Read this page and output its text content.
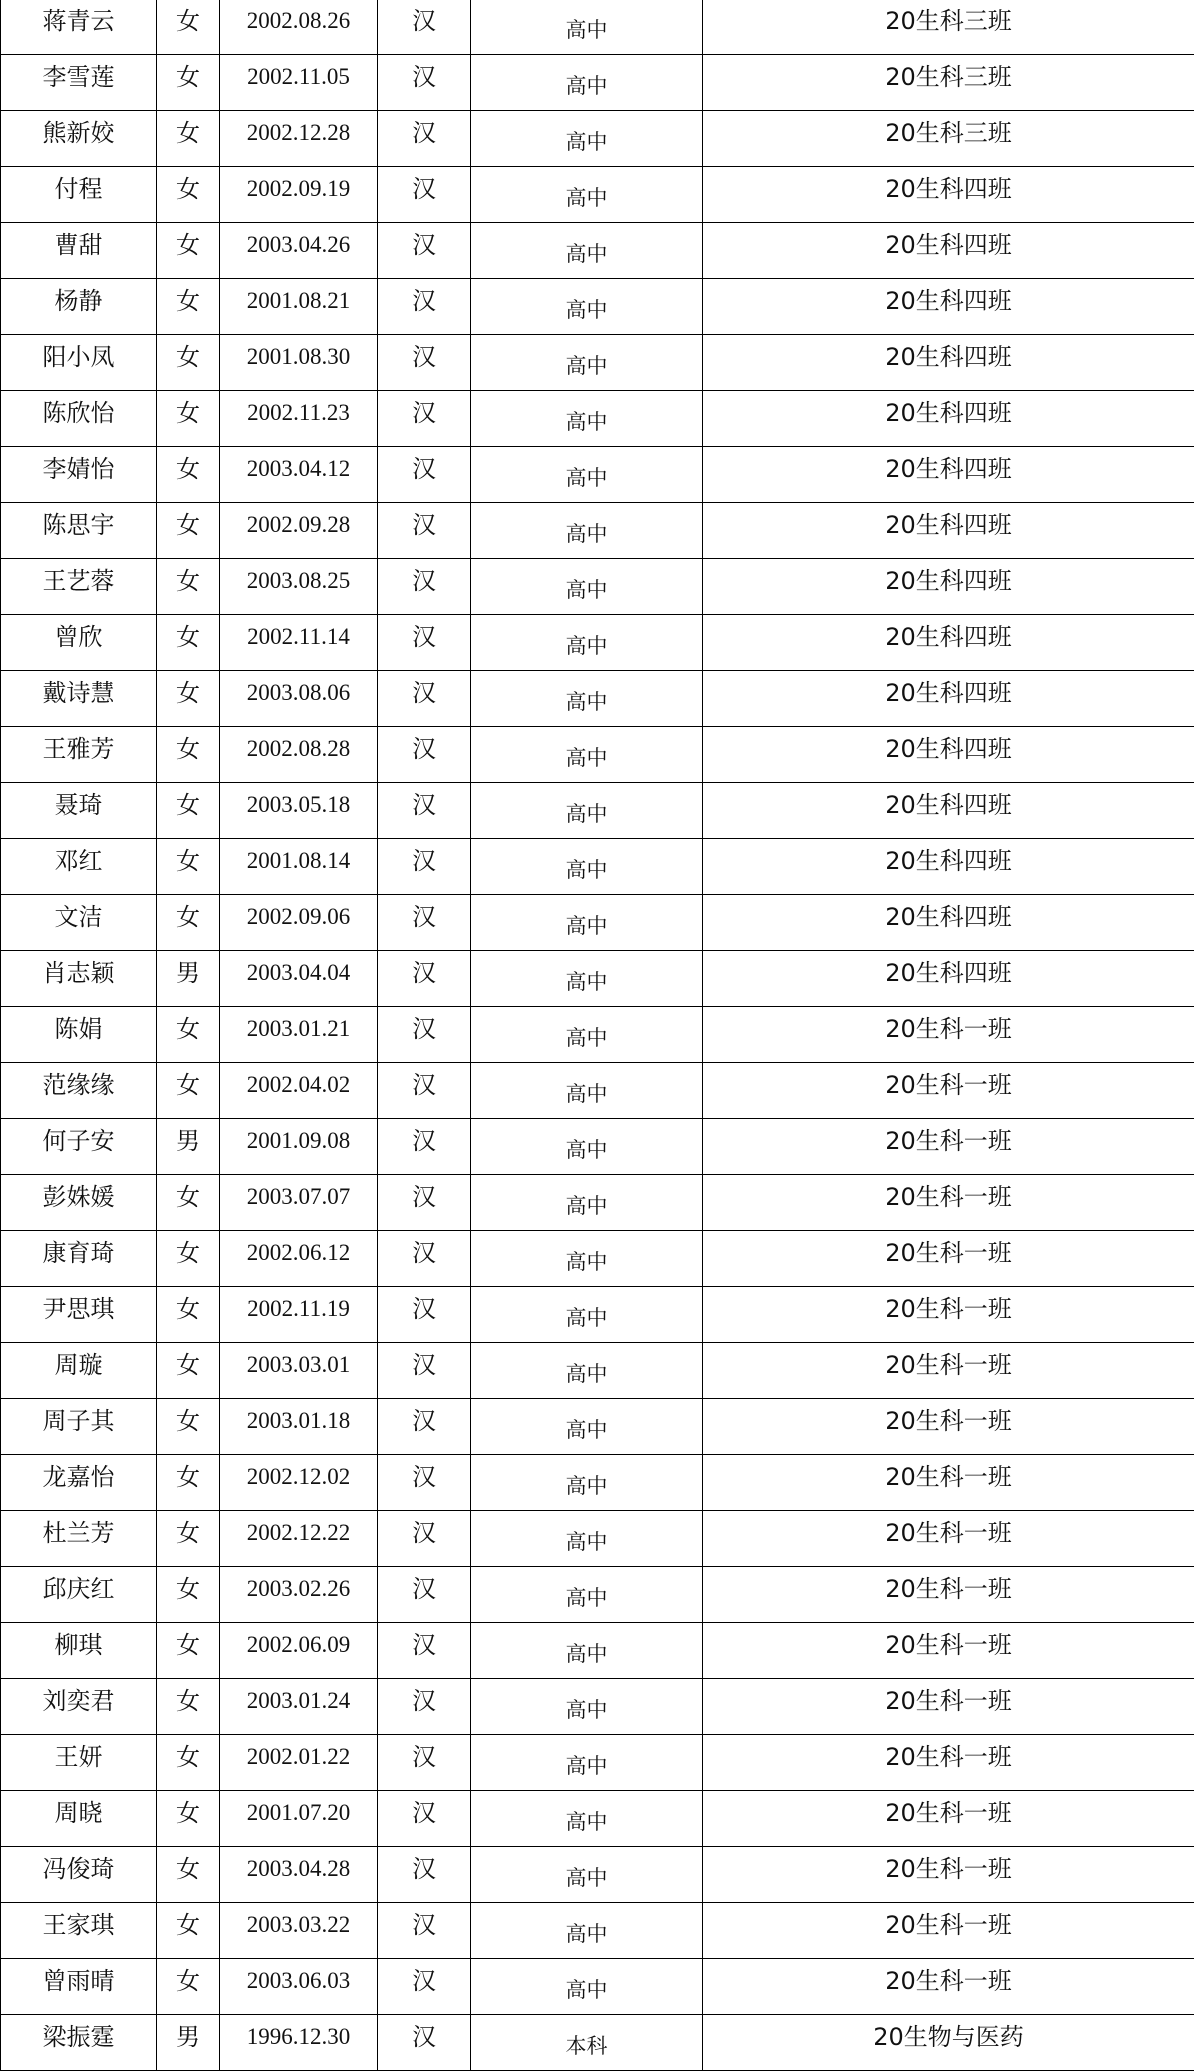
蒋青云	女	2002.08.26	汉	高中	20生科三班

李雪莲	女	2002.11.05	汉	高中	20生科三班

熊新姣	女	2002.12.28	汉	高中	20生科三班

付程	女	2002.09.19	汉	高中	20生科四班

曹甜	女	2003.04.26	汉	高中	20生科四班

杨静	女	2001.08.21	汉	高中	20生科四班

阳小凤	女	2001.08.30	汉	高中	20生科四班

陈欣怡	女	2002.11.23	汉	高中	20生科四班

李婧怡	女	2003.04.12	汉	高中	20生科四班

陈思宇	女	2002.09.28	汉	高中	20生科四班

王艺蓉	女	2003.08.25	汉	高中	20生科四班

曾欣	女	2002.11.14	汉	高中	20生科四班

戴诗慧	女	2003.08.06	汉	高中	20生科四班

王雅芳	女	2002.08.28	汉	高中	20生科四班

聂琦	女	2003.05.18	汉	高中	20生科四班

邓红	女	2001.08.14	汉	高中	20生科四班

文洁	女	2002.09.06	汉	高中	20生科四班

肖志颖	男	2003.04.04	汉	高中	20生科四班

陈娟	女	2003.01.21	汉	高中	20生科一班

范缘缘	女	2002.04.02	汉	高中	20生科一班

何子安	男	2001.09.08	汉	高中	20生科一班

彭姝媛	女	2003.07.07	汉	高中	20生科一班

康育琦	女	2002.06.12	汉	高中	20生科一班

尹思琪	女	2002.11.19	汉	高中	20生科一班

周璇	女	2003.03.01	汉	高中	20生科一班

周子其	女	2003.01.18	汉	高中	20生科一班

龙嘉怡	女	2002.12.02	汉	高中	20生科一班

杜兰芳	女	2002.12.22	汉	高中	20生科一班

邱庆红	女	2003.02.26	汉	高中	20生科一班

柳琪	女	2002.06.09	汉	高中	20生科一班

刘奕君	女	2003.01.24	汉	高中	20生科一班

王妍	女	2002.01.22	汉	高中	20生科一班

周晓	女	2001.07.20	汉	高中	20生科一班

冯俊琦	女	2003.04.28	汉	高中	20生科一班

王家琪	女	2003.03.22	汉	高中	20生科一班

曾雨晴	女	2003.06.03	汉	高中	20生科一班

梁振霆	男	1996.12.30	汉	本科	20生物与医药
